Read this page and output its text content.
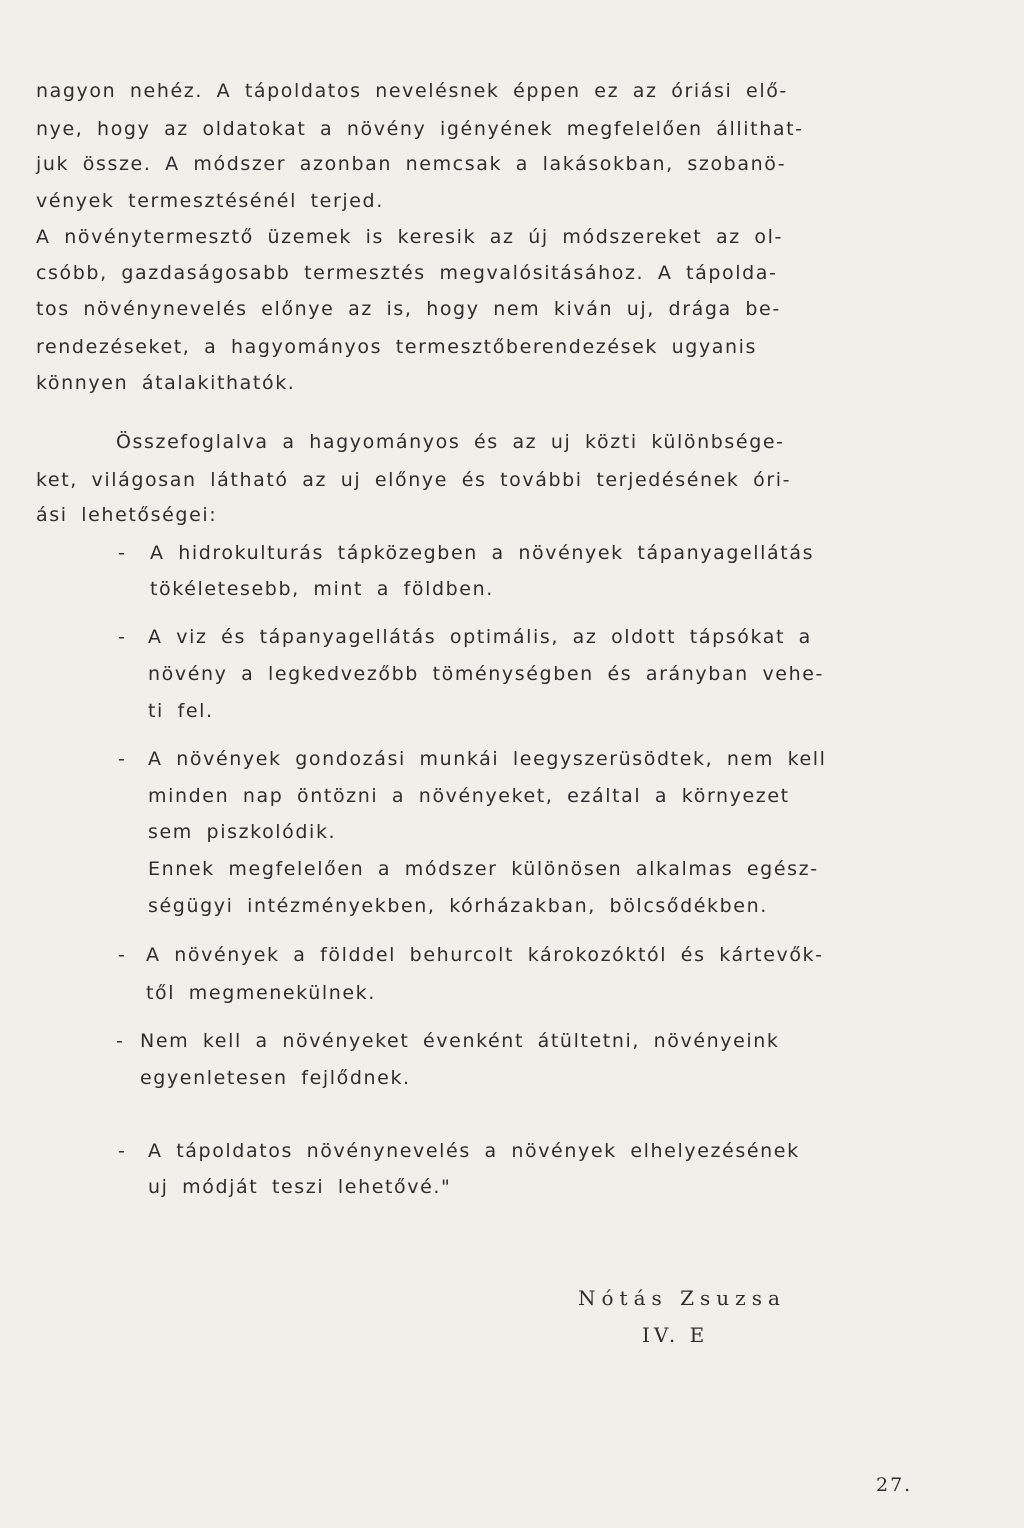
nagyon nehéz. A tápoldatos nevelésnek éppen ez az óriási elő-
nye, hogy az oldatokat a növény igényének megfelelően állithat-
juk össze. A módszer azonban nemcsak a lakásokban, szobanö-
vények termesztésénél terjed.
A növénytermesztő üzemek is keresik az új módszereket az ol-
csóbb, gazdaságosabb termesztés megvalósitásához. A tápolda-
tos növénynevelés előnye az is, hogy nem kiván uj, drága be-
rendezéseket, a hagyományos termesztőberendezések ugyanis
könnyen átalakithatók.
Összefoglalva a hagyományos és az uj közti különbsége-
ket, világosan látható az uj előnye és további terjedésének óri-
ási lehetőségei:
- A hidrokulturás tápközegben a növények tápanyagellátás
tökéletesebb, mint a földben.
- A viz és tápanyagellátás optimális, az oldott tápsókat a
növény a legkedvezőbb töménységben és arányban vehe-
ti fel.
- A növények gondozási munkái leegyszerüsödtek, nem kell
minden nap öntözni a növényeket, ezáltal a környezet
sem piszkolódik.
Ennek megfelelően a módszer különösen alkalmas egész-
ségügyi intézményekben, kórházakban, bölcsődékben.
- A növények a földdel behurcolt károkozóktól és kártevők-
től megmenekülnek.
- Nem kell a növényeket évenként átültetni, növényeink
egyenletesen fejlődnek.
- A tápoldatos növénynevelés a növények elhelyezésének
uj módját teszi lehetővé."
Nótás Zsuzsa
IV. E
27.
